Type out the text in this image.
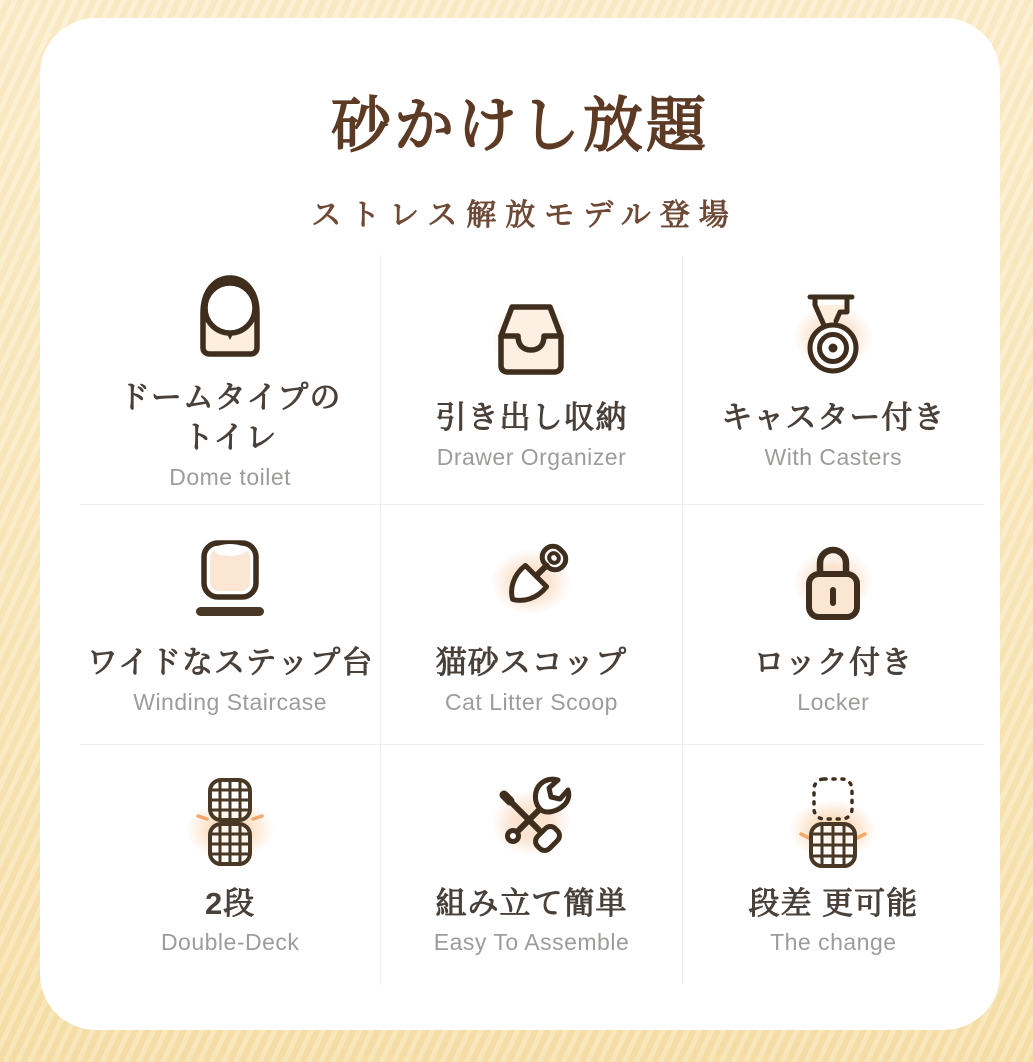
砂かけし放題
ストレス解放モデル登場
ドームタイプの
トイレ
Dome toilet
引き出し収納
Drawer Organizer
キャスター付き
With Casters
ワイドなステップ台
Winding Staircase
猫砂スコップ
Cat Litter Scoop
ロック付き
Locker
2段
Double-Deck
組み立て簡単
Easy To Assemble
段差 更可能
The change
